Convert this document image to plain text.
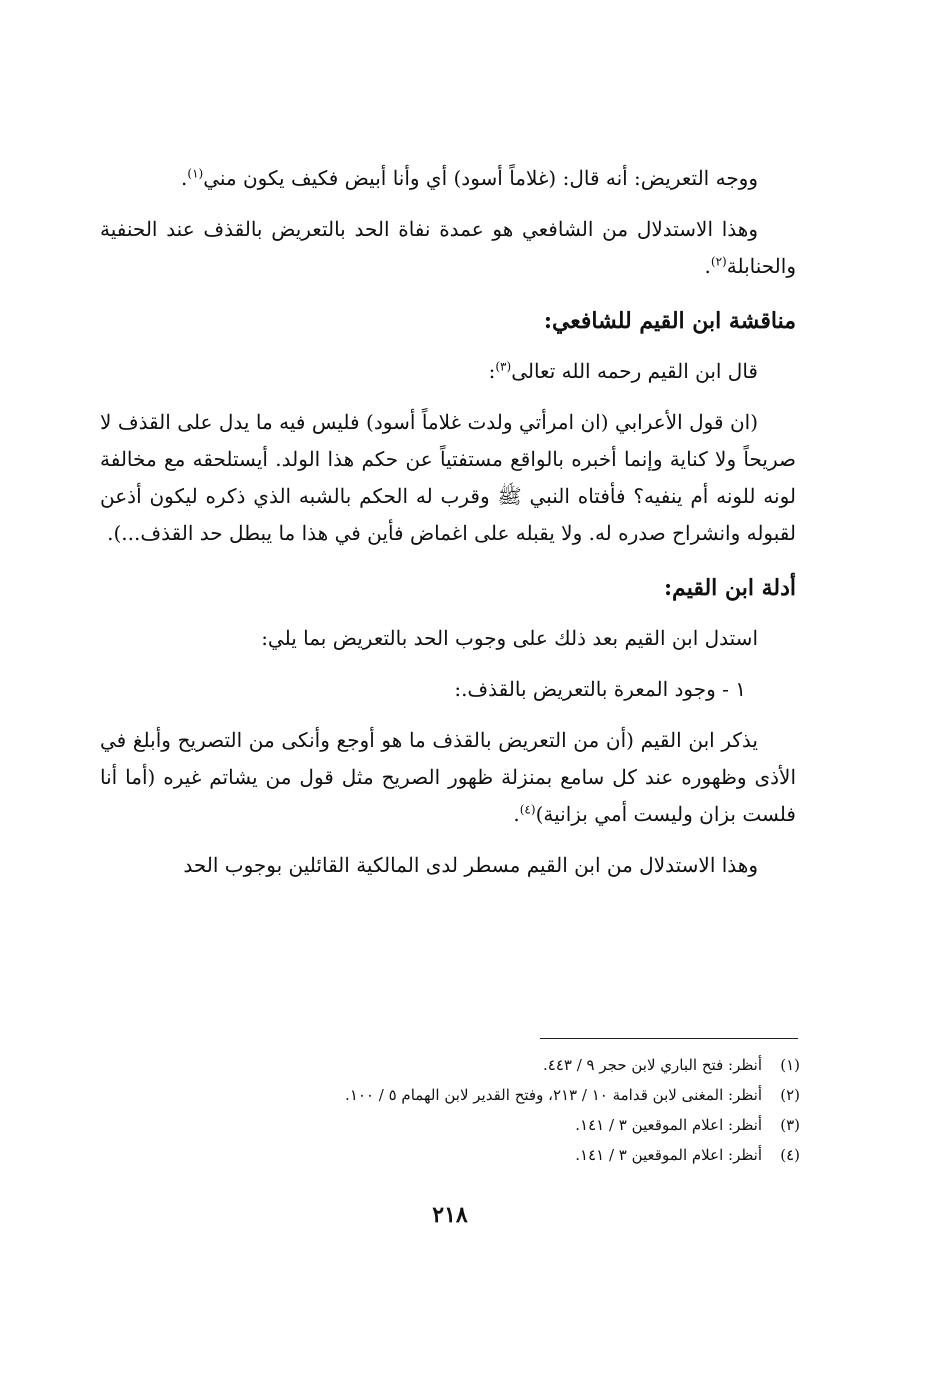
ووجه التعريض: أنه قال: (غلاماً أسود) أي وأنا أبيض فكيف يكون مني$^{(١)}$.

وهذا الاستدلال من الشافعي هو عمدة نفاة الحد بالتعريض بالقذف عند الحنفية والحنابلة$^{(٢)}$.

مناقشة ابن القيم للشافعي:

قال ابن القيم رحمه الله تعالى$^{(٣)}$:

(ان قول الأعرابي (ان امرأتي ولدت غلاماً أسود) فليس فيه ما يدل على القذف لا صريحاً ولا كناية وإنما أخبره بالواقع مستفتياً عن حكم هذا الولد. أيستلحقه مع مخالفة لونه للونه أم ينفيه؟ فأفتاه النبي ﷺ وقرب له الحكم بالشبه الذي ذكره ليكون أذعن لقبوله وانشراح صدره له. ولا يقبله على اغماض فأين في هذا ما يبطل حد القذف...).

أدلة ابن القيم:

استدل ابن القيم بعد ذلك على وجوب الحد بالتعريض بما يلي:

١ - وجود المعرة بالتعريض بالقذف.:

يذكر ابن القيم (أن من التعريض بالقذف ما هو أوجع وأنكى من التصريح وأبلغ في الأذى وظهوره عند كل سامع بمنزلة ظهور الصريح مثل قول من يشاتم غيره (أما أنا فلست بزان وليست أمي بزانية)$^{(٤)}$.

وهذا الاستدلال من ابن القيم مسطر لدى المالكية القائلين بوجوب الحد

(١)
أنظر: فتح الباري لابن حجر ٩ / ٤٤٣.
(٢)
أنظر: المغنى لابن قدامة ١٠ / ٢١٣، وفتح القدير لابن الهمام ٥ / ١٠٠.
(٣)
أنظر: اعلام الموقعين ٣ / ١٤١.
(٤)
أنظر: اعلام الموقعين ٣ / ١٤١.
٢١٨
